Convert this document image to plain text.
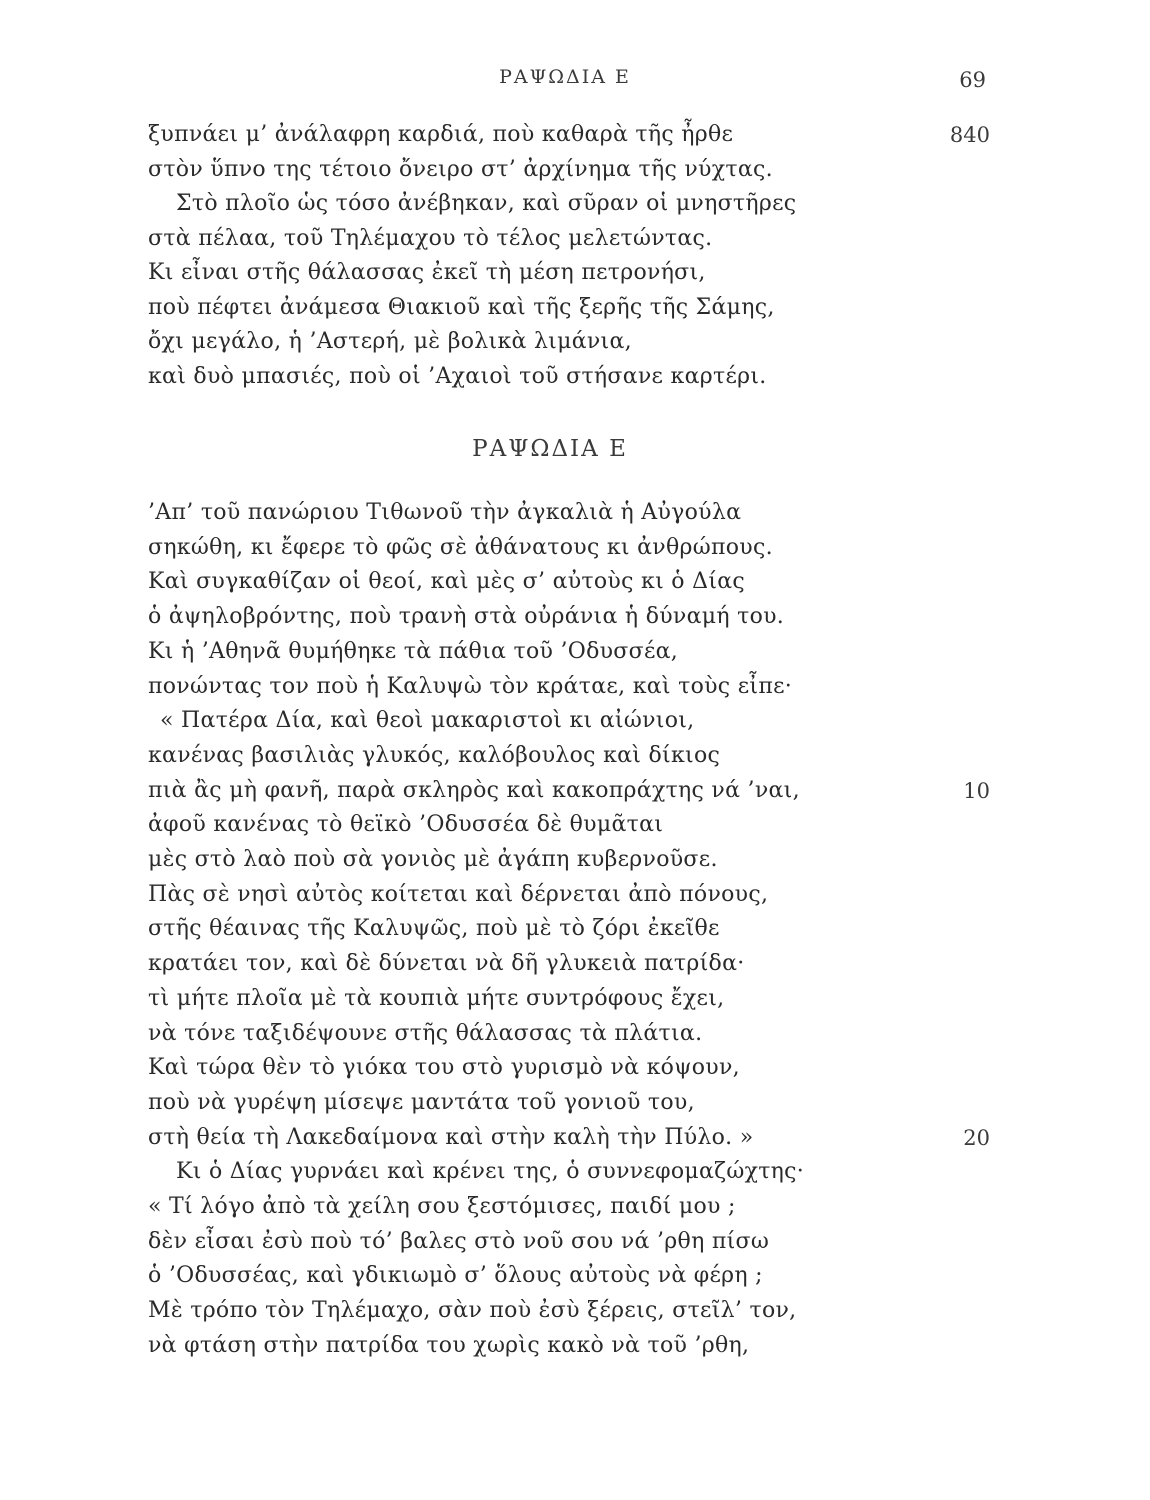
ΡΑΨΩΔΙΑ Ε	69
ξυπνάει μ’ ἀνάλαφρη καρδιά, ποὺ καθαρὰ τῆς ἦρθε	840
στὸν ὕπνο της τέτοιο ὄνειρο στ’ ἀρχίνημα τῆς νύχτας.
Στὸ πλοῖο ὡς τόσο ἀνέβηκαν, καὶ σῦραν οἱ μνηστῆρες
στὰ πέλαα, τοῦ Τηλέμαχου τὸ τέλος μελετώντας.
Κι εἶναι στῆς θάλασσας ἐκεῖ τὴ μέση πετρονήσι,
ποὺ πέφτει ἀνάμεσα Θιακιοῦ καὶ τῆς ξερῆς τῆς Σάμης,
ὄχι μεγάλο, ἡ ’Αστερή, μὲ βολικὰ λιμάνια,
καὶ δυὸ μπασιές, ποὺ οἱ ’Αχαιοὶ τοῦ στήσανε καρτέρι.
ΡΑΨΩΔΙΑ Ε
’Απ’ τοῦ πανώριου Τιθωνοῦ τὴν ἀγκαλιὰ ἡ Αὐγούλα
σηκώθη, κι ἔφερε τὸ φῶς σὲ ἀθάνατους κι ἀνθρώπους.
Καὶ συγκαθίζαν οἱ θεοί, καὶ μὲς σ’ αὐτοὺς κι ὁ Δίας
ὁ ἀψηλοβρόντης, ποὺ τρανὴ στὰ οὐράνια ἡ δύναμή του.
Κι ἡ ’Αθηνᾶ θυμήθηκε τὰ πάθια τοῦ ’Οδυσσέα,
πονώντας τον ποὺ ἡ Καλυψὼ τὸν κράταε, καὶ τοὺς εἶπε·
« Πατέρα Δία, καὶ θεοὶ μακαριστοὶ κι αἰώνιοι,
κανένας βασιλιὰς γλυκός, καλόβουλος καὶ δίκιος
πιὰ ἂς μὴ φανῆ, παρὰ σκληρὸς καὶ κακοπράχτης νά ’ναι,	10
ἀφοῦ κανένας τὸ θεϊκὸ ’Οδυσσέα δὲ θυμᾶται
μὲς στὸ λαὸ ποὺ σὰ γονιὸς μὲ ἀγάπη κυβερνοῦσε.
Πὰς σὲ νησὶ αὐτὸς κοίτεται καὶ δέρνεται ἀπὸ πόνους,
στῆς θέαινας τῆς Καλυψῶς, ποὺ μὲ τὸ ζόρι ἐκεῖθε
κρατάει τον, καὶ δὲ δύνεται νὰ δῆ γλυκειὰ πατρίδα·
τὶ μήτε πλοῖα μὲ τὰ κουπιὰ μήτε συντρόφους ἔχει,
νὰ τόνε ταξιδέψουνε στῆς θάλασσας τὰ πλάτια.
Καὶ τώρα θὲν τὸ γιόκα του στὸ γυρισμὸ νὰ κόψουν,
ποὺ νὰ γυρέψη μίσεψε μαντάτα τοῦ γονιοῦ του,
στὴ θεία τὴ Λακεδαίμονα καὶ στὴν καλὴ τὴν Πύλο. »	20
Κι ὁ Δίας γυρνάει καὶ κρένει της, ὁ συννεφομαζώχτης·
« Τί λόγο ἀπὸ τὰ χείλη σου ξεστόμισες, παιδί μου ;
δὲν εἶσαι ἐσὺ ποὺ τό’ βαλες στὸ νοῦ σου νά ’ρθη πίσω
ὁ ’Οδυσσέας, καὶ γδικιωμὸ σ’ ὅλους αὐτοὺς νὰ φέρη ;
Μὲ τρόπο τὸν Τηλέμαχο, σὰν ποὺ ἐσὺ ξέρεις, στεῖλ’ τον,
νὰ φτάση στὴν πατρίδα του χωρὶς κακὸ νὰ τοῦ ’ρθη,
